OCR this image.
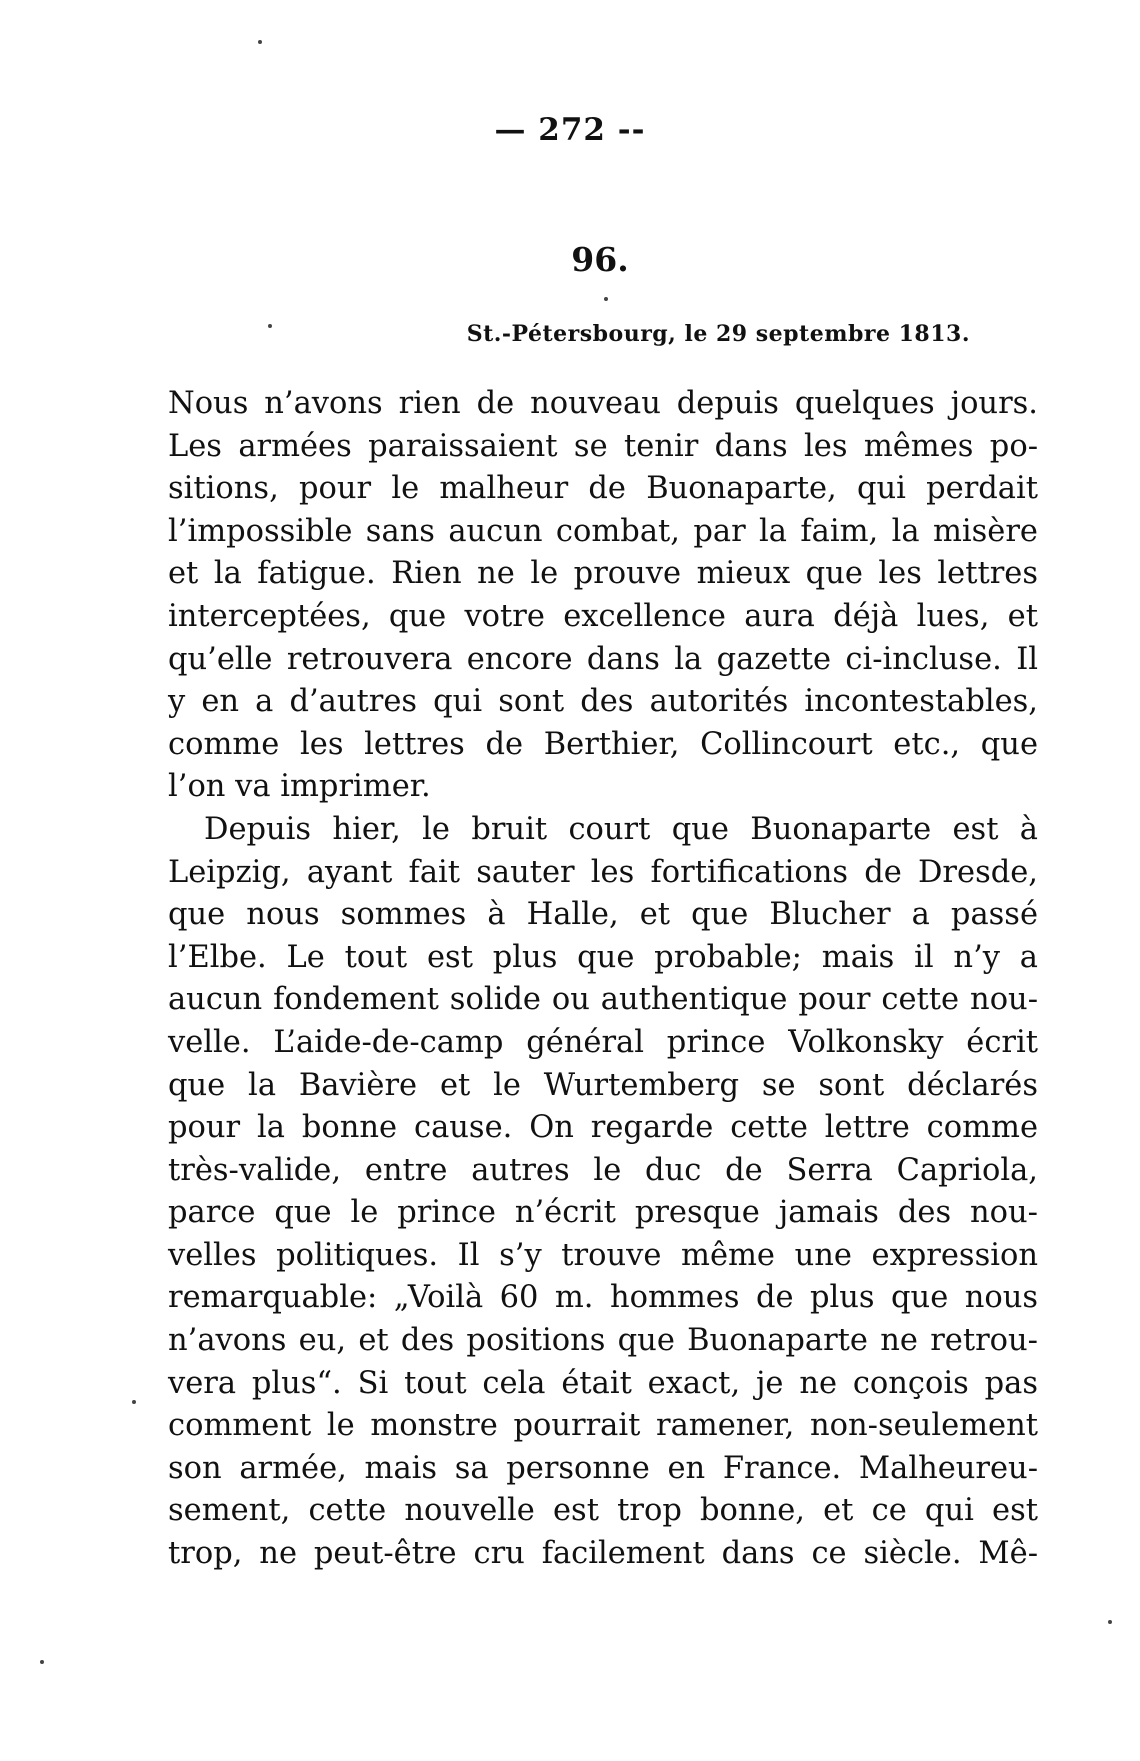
— 272 --
96.
St.-Pétersbourg, le 29 septembre 1813.
Nous n’avons rien de nouveau depuis quelques jours.
Les armées paraissaient se tenir dans les mêmes po-
sitions, pour le malheur de Buonaparte, qui perdait
l’impossible sans aucun combat, par la faim, la misère
et la fatigue. Rien ne le prouve mieux que les lettres
interceptées, que votre excellence aura déjà lues, et
qu’elle retrouvera encore dans la gazette ci-incluse. Il
y en a d’autres qui sont des autorités incontestables,
comme les lettres de Berthier, Collincourt etc., que
l’on va imprimer.
Depuis hier, le bruit court que Buonaparte est à
Leipzig, ayant fait sauter les fortifications de Dresde,
que nous sommes à Halle, et que Blucher a passé
l’Elbe. Le tout est plus que probable; mais il n’y a
aucun fondement solide ou authentique pour cette nou-
velle. L’aide-de-camp général prince Volkonsky écrit
que la Bavière et le Wurtemberg se sont déclarés
pour la bonne cause. On regarde cette lettre comme
très-valide, entre autres le duc de Serra Capriola,
parce que le prince n’écrit presque jamais des nou-
velles politiques. Il s’y trouve même une expression
remarquable: „Voilà 60 m. hommes de plus que nous
n’avons eu, et des positions que Buonaparte ne retrou-
vera plus“. Si tout cela était exact, je ne conçois pas
comment le monstre pourrait ramener, non-seulement
son armée, mais sa personne en France. Malheureu-
sement, cette nouvelle est trop bonne, et ce qui est
trop, ne peut-être cru facilement dans ce siècle. Mê-
